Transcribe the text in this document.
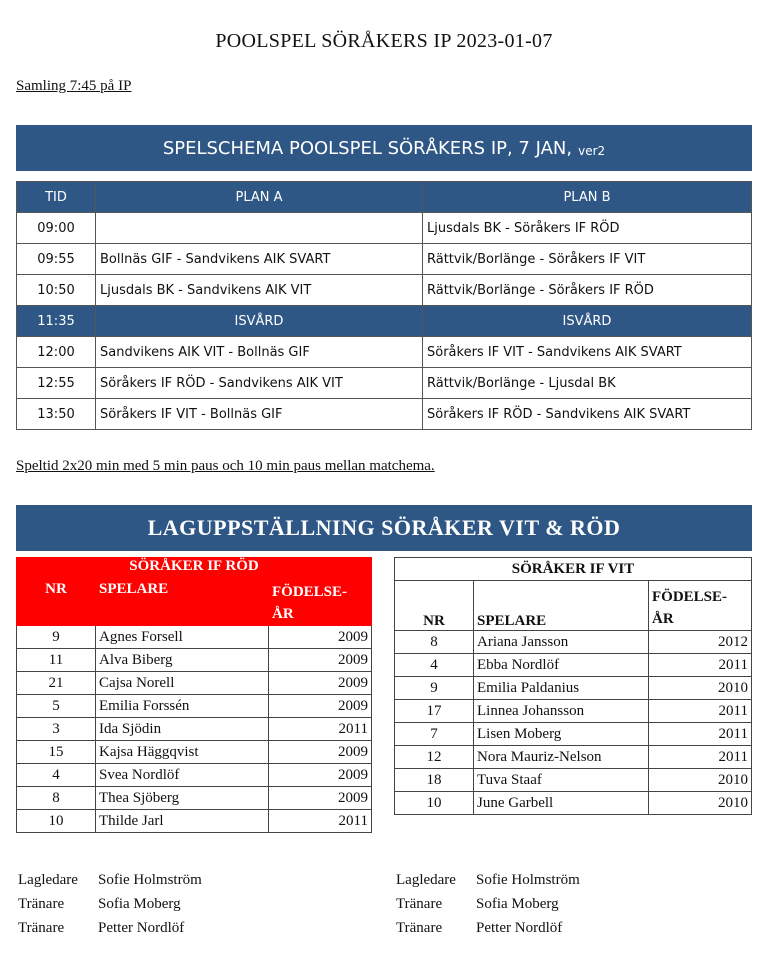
POOLSPEL SÖRÅKERS IP 2023-01-07
Samling 7:45 på IP
SPELSCHEMA POOLSPEL SÖRÅKERS IP, 7 JAN, ver2
TID	PLAN A	PLAN B
09:00		Ljusdals BK - Söråkers IF RÖD
09:55	Bollnäs GIF - Sandvikens AIK SVART	Rättvik/Borlänge - Söråkers IF VIT
10:50	Ljusdals BK - Sandvikens AIK VIT	Rättvik/Borlänge - Söråkers IF RÖD
11:35	ISVÅRD	ISVÅRD
12:00	Sandvikens AIK VIT - Bollnäs GIF	Söråkers IF VIT - Sandvikens AIK SVART
12:55	Söråkers IF RÖD - Sandvikens AIK VIT	Rättvik/Borlänge - Ljusdal BK
13:50	Söråkers IF VIT - Bollnäs GIF	Söråkers IF RÖD - Sandvikens AIK SVART
Speltid 2x20 min med 5 min paus och 10 min paus mellan matchema.
LAGUPPSTÄLLNING SÖRÅKER VIT & RÖD
SÖRÅKER IF RÖD		
NR	SPELARE	FÖDELSE-
ÅR
9	Agnes Forsell	2009
11	Alva Biberg	2009
21	Cajsa Norell	2009
5	Emilia Forssén	2009
3	Ida Sjödin	2011
15	Kajsa Häggqvist	2009
4	Svea Nordlöf	2009
8	Thea Sjöberg	2009
10	Thilde Jarl	2011
SÖRÅKER IF VIT		
NR	SPELARE	FÖDELSE-
ÅR
8	Ariana Jansson	2012
4	Ebba Nordlöf	2011
9	Emilia Paldanius	2010
17	Linnea Johansson	2011
7	Lisen Moberg	2011
12	Nora Mauriz-Nelson	2011
18	Tuva Staaf	2010
10	June Garbell	2010
Lagledare Sofie Holmström
Tränare Sofia Moberg
Tränare Petter Nordlöf
Lagledare Sofie Holmström
Tränare Sofia Moberg
Tränare Petter Nordlöf
